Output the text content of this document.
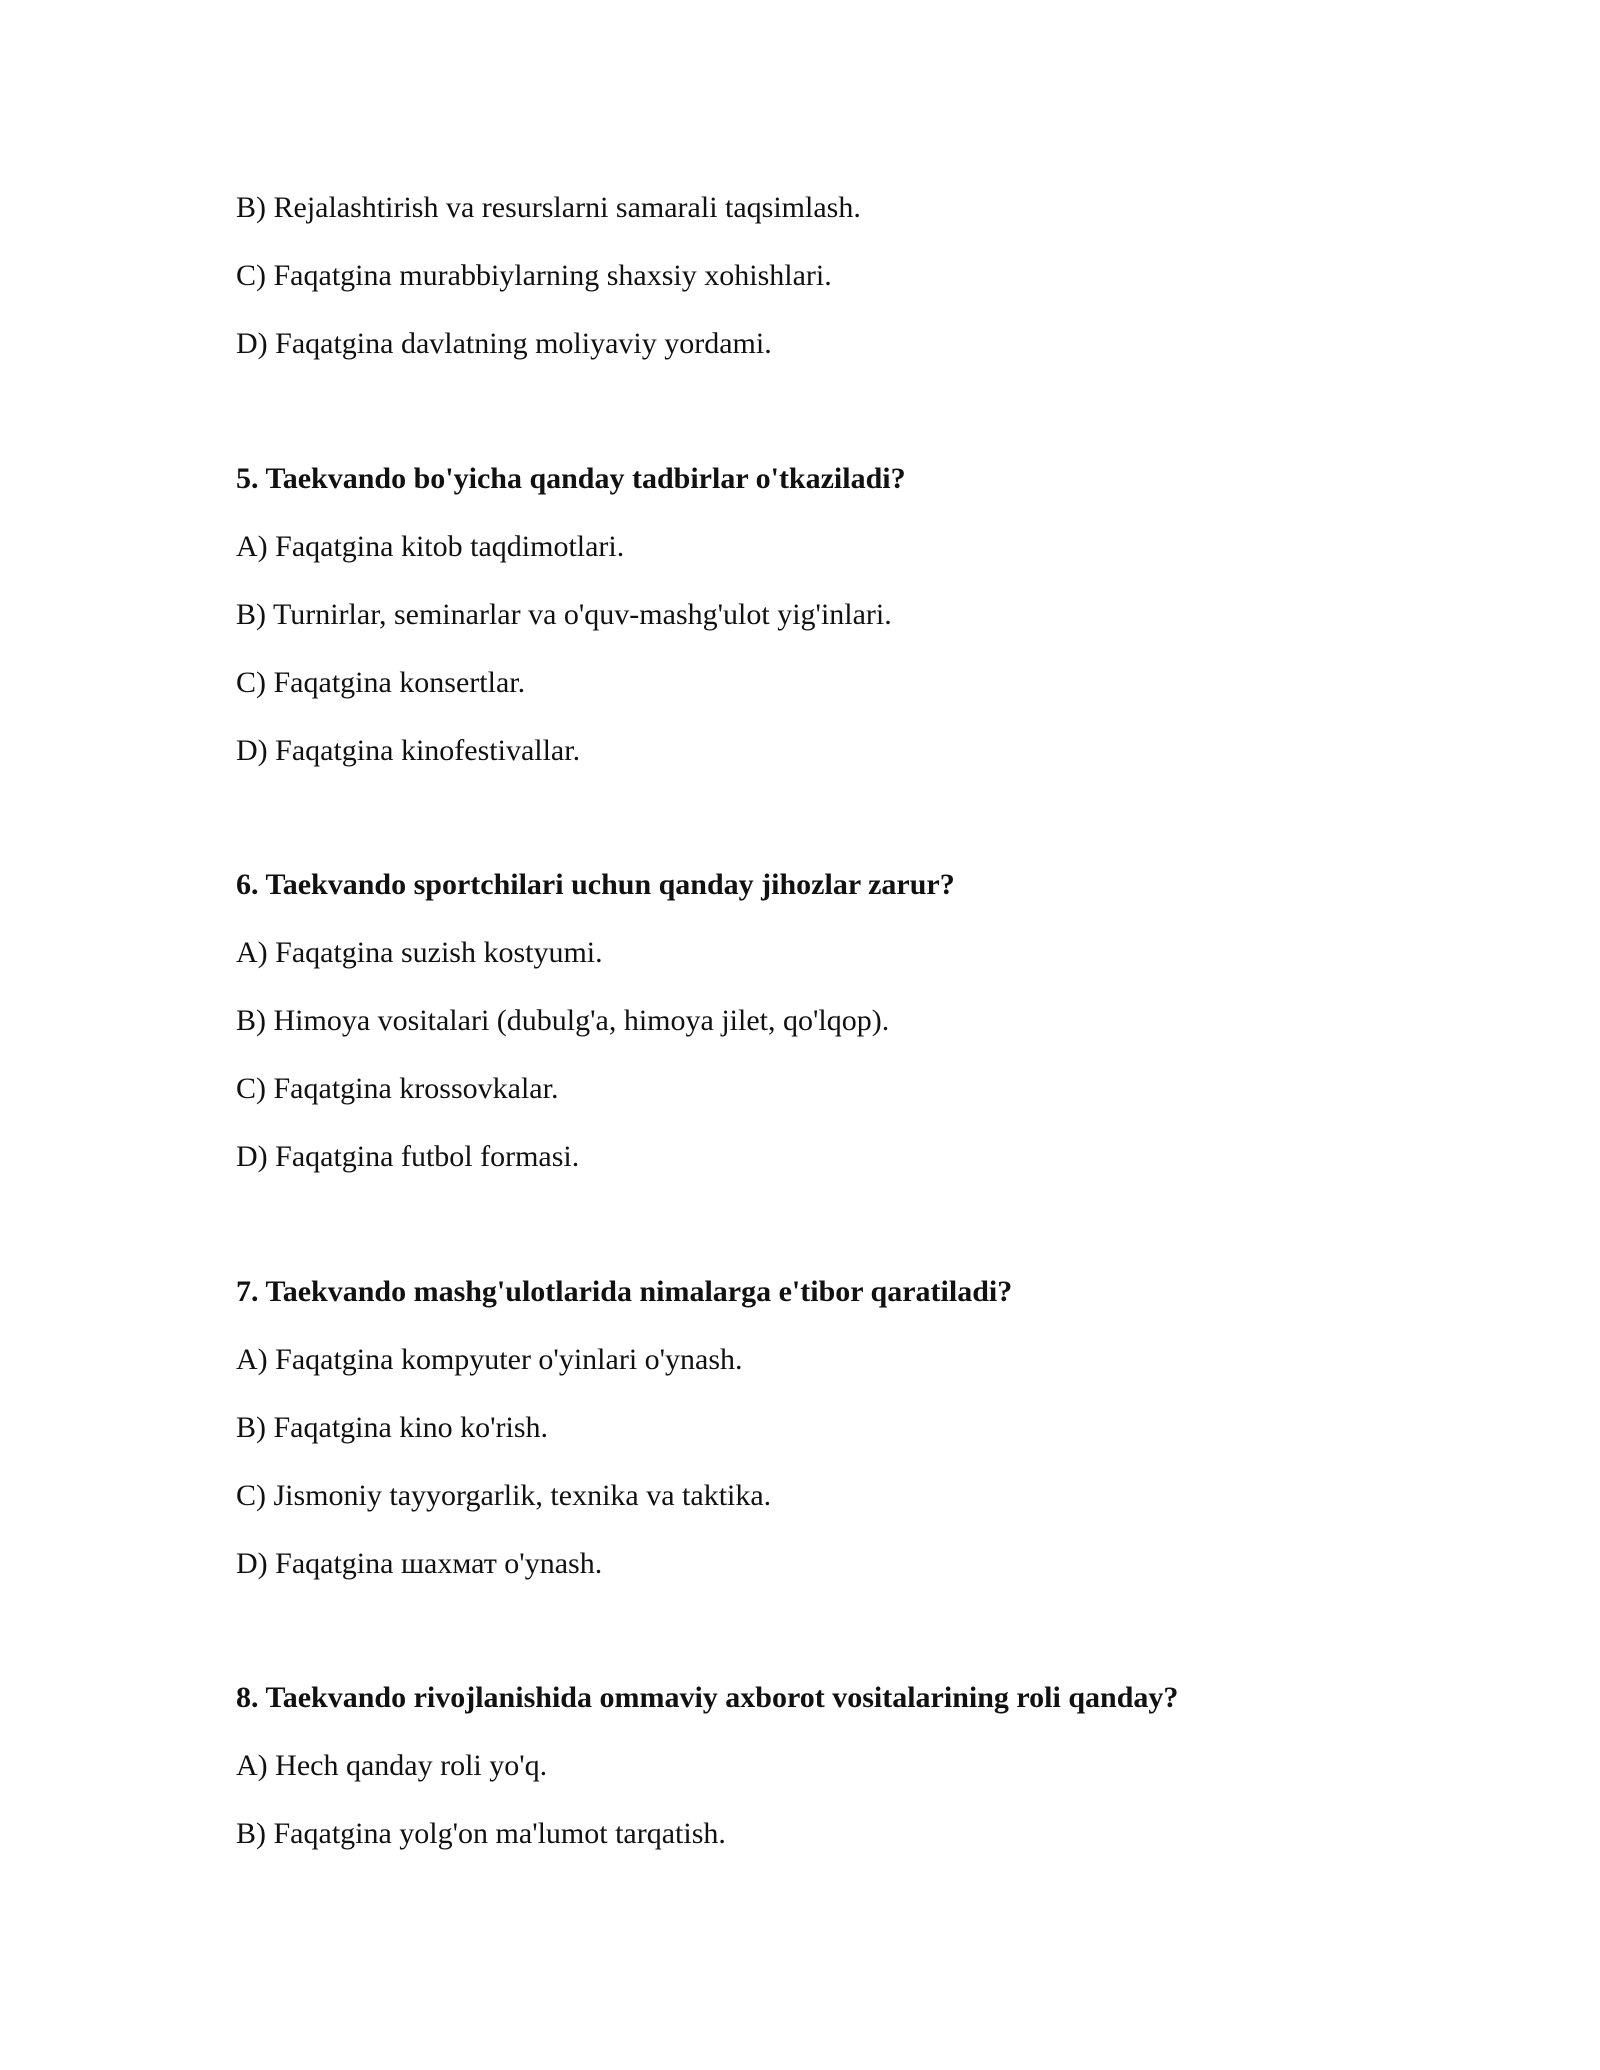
B) Rejalashtirish va resurslarni samarali taqsimlash.
C) Faqatgina murabbiylarning shaxsiy xohishlari.
D) Faqatgina davlatning moliyaviy yordami.
5. Taekvando bo'yicha qanday tadbirlar o'tkaziladi?
A) Faqatgina kitob taqdimotlari.
B) Turnirlar, seminarlar va o'quv-mashg'ulot yig'inlari.
C) Faqatgina konsertlar.
D) Faqatgina kinofestivallar.
6. Taekvando sportchilari uchun qanday jihozlar zarur?
A) Faqatgina suzish kostyumi.
B) Himoya vositalari (dubulg'a, himoya jilet, qo'lqop).
C) Faqatgina krossovkalar.
D) Faqatgina futbol formasi.
7. Taekvando mashg'ulotlarida nimalarga e'tibor qaratiladi?
A) Faqatgina kompyuter o'yinlari o'ynash.
B) Faqatgina kino ko'rish.
C) Jismoniy tayyorgarlik, texnika va taktika.
D) Faqatgina шахмат o'ynash.
8. Taekvando rivojlanishida ommaviy axborot vositalarining roli qanday?
A) Hech qanday roli yo'q.
B) Faqatgina yolg'on ma'lumot tarqatish.
